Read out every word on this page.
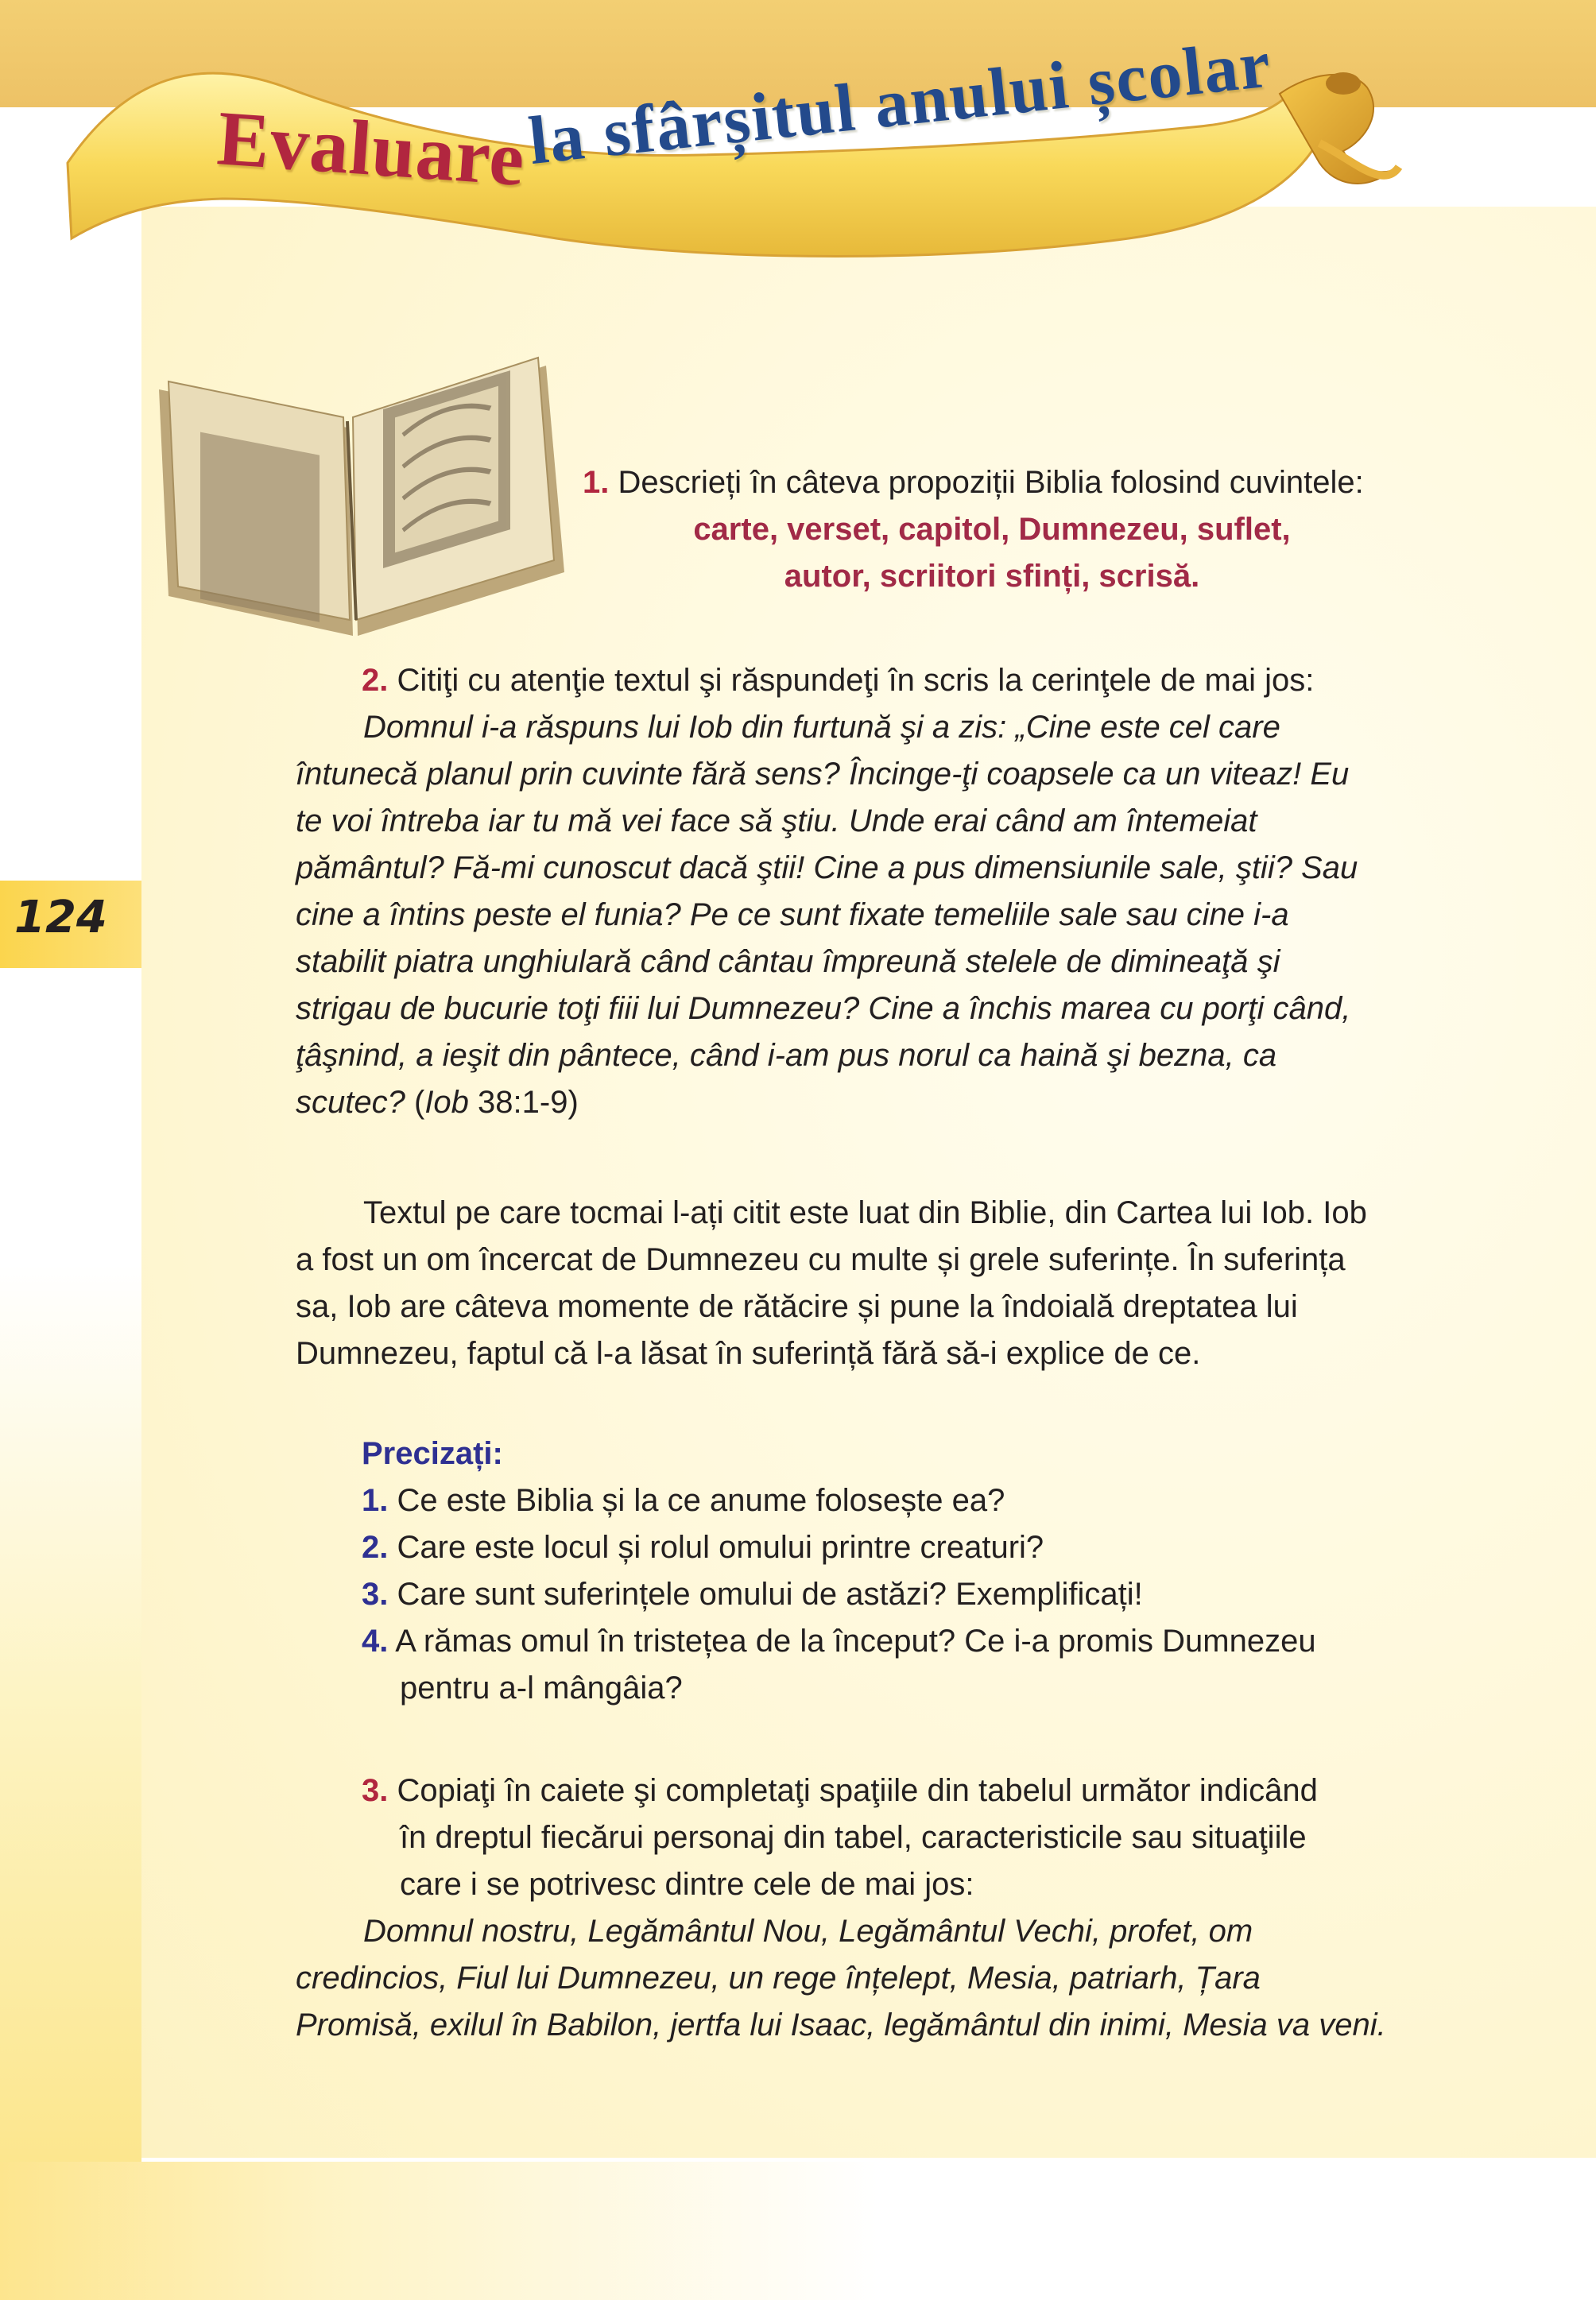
Evaluarela sfârșitul anului școlar
124
1. Descrieți în câteva propoziții Biblia folosind cuvintele:
carte, verset, capitol, Dumnezeu, suflet,
autor, scriitori sfinți, scrisă.
2. Citiţi cu atenţie textul şi răspundeţi în scris la cerinţele de mai jos:
Domnul i-a răspuns lui Iob din furtună şi a zis: „Cine este cel care
întunecă planul prin cuvinte fără sens? Încinge-ţi coapsele ca un viteaz! Eu
te voi întreba iar tu mă vei face să ştiu. Unde erai când am întemeiat
pământul? Fă-mi cunoscut dacă ştii! Cine a pus dimensiunile sale, ştii? Sau
cine a întins peste el funia? Pe ce sunt fixate temeliile sale sau cine i-a
stabilit piatra unghiulară când cântau împreună stelele de dimineaţă şi
strigau de bucurie toţi fiii lui Dumnezeu? Cine a închis marea cu porţi când,
ţâşnind, a ieşit din pântece, când i-am pus norul ca haină şi bezna, ca
scutec? (Iob 38:1-9)
Textul pe care tocmai l-ați citit este luat din Biblie, din Cartea lui Iob. Iob
a fost un om încercat de Dumnezeu cu multe și grele suferințe. În suferința
sa, Iob are câteva momente de rătăcire și pune la îndoială dreptatea lui
Dumnezeu, faptul că l-a lăsat în suferință fără să-i explice de ce.
Precizați:
1. Ce este Biblia și la ce anume folosește ea?
2. Care este locul și rolul omului printre creaturi?
3. Care sunt suferințele omului de astăzi? Exemplificați!
4. A rămas omul în tristețea de la început? Ce i-a promis Dumnezeu
pentru a-l mângâia?
3. Copiaţi în caiete şi completaţi spaţiile din tabelul următor indicând
în dreptul fiecărui personaj din tabel, caracteristicile sau situaţiile
care i se potrivesc dintre cele de mai jos:
Domnul nostru, Legământul Nou, Legământul Vechi, profet, om
credincios, Fiul lui Dumnezeu, un rege înțelept, Mesia, patriarh, Țara
Promisă, exilul în Babilon, jertfa lui Isaac, legământul din inimi, Mesia va veni.
